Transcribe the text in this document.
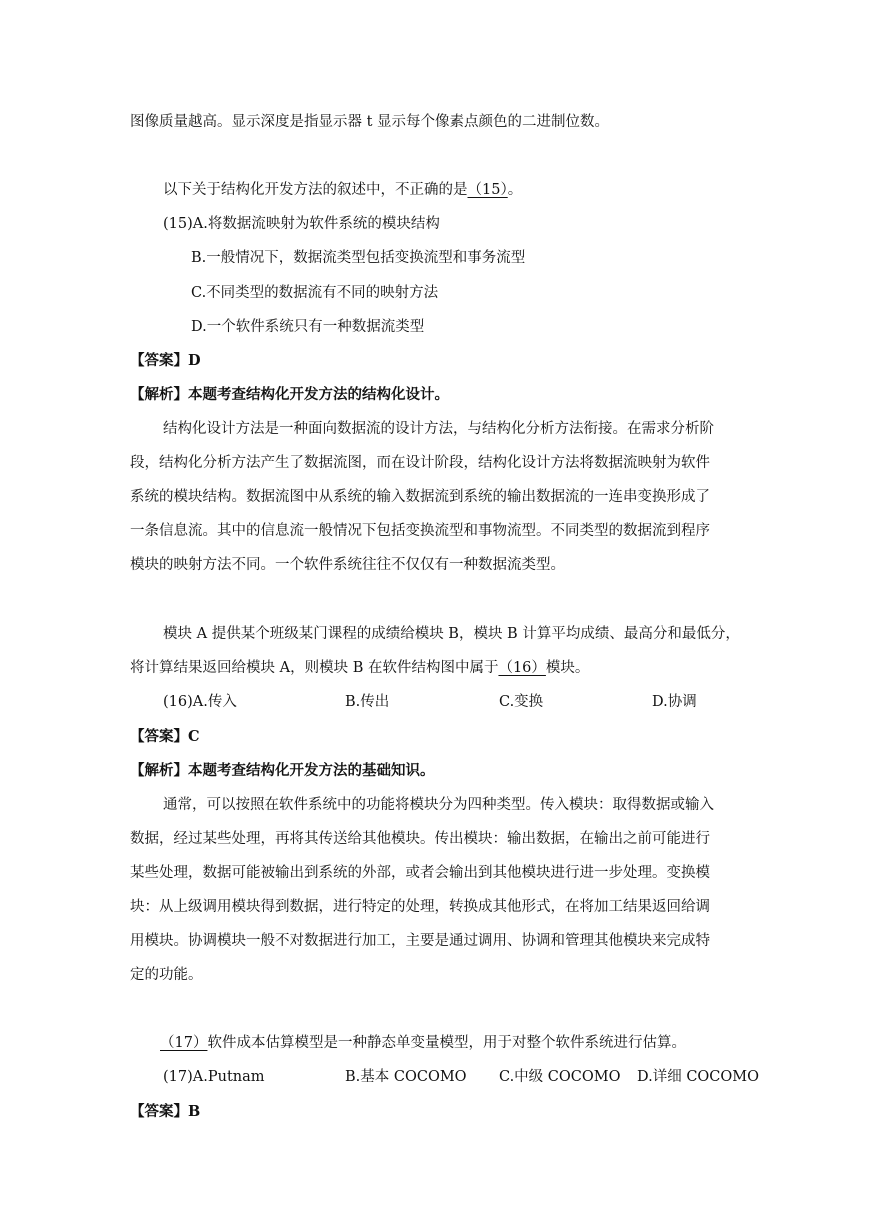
图像质量越高。显示深度是指显示器 t 显示每个像素点颜色的二进制位数。
以下关于结构化开发方法的叙述中，不正确的是（15）。
(15)A.将数据流映射为软件系统的模块结构
B.一般情况下，数据流类型包括变换流型和事务流型
C.不同类型的数据流有不同的映射方法
D.一个软件系统只有一种数据流类型
【答案】D
【解析】本题考查结构化开发方法的结构化设计。
结构化设计方法是一种面向数据流的设计方法，与结构化分析方法衔接。在需求分析阶
段，结构化分析方法产生了数据流图，而在设计阶段，结构化设计方法将数据流映射为软件
系统的模块结构。数据流图中从系统的输入数据流到系统的输出数据流的一连串变换形成了
一条信息流。其中的信息流一般情况下包括变换流型和事物流型。不同类型的数据流到程序
模块的映射方法不同。一个软件系统往往不仅仅有一种数据流类型。
模块 A 提供某个班级某门课程的成绩给模块 B，模块 B 计算平均成绩、最高分和最低分，
将计算结果返回给模块 A，则模块 B 在软件结构图中属于（16）模块。
(16)A.传入	B.传出	C.变换	D.协调
【答案】C
【解析】本题考查结构化开发方法的基础知识。
通常，可以按照在软件系统中的功能将模块分为四种类型。传入模块：取得数据或输入
数据，经过某些处理，再将其传送给其他模块。传出模块：输出数据，在输出之前可能进行
某些处理，数据可能被输出到系统的外部，或者会输出到其他模块进行进一步处理。变换模
块：从上级调用模块得到数据，进行特定的处理，转换成其他形式，在将加工结果返回给调
用模块。协调模块一般不对数据进行加工，主要是通过调用、协调和管理其他模块来完成特
定的功能。
（17）软件成本估算模型是一种静态单变量模型，用于对整个软件系统进行估算。
(17)A.Putnam	B.基本 COCOMO C.中级 COCOMO D.详细 COCOMO
【答案】B
